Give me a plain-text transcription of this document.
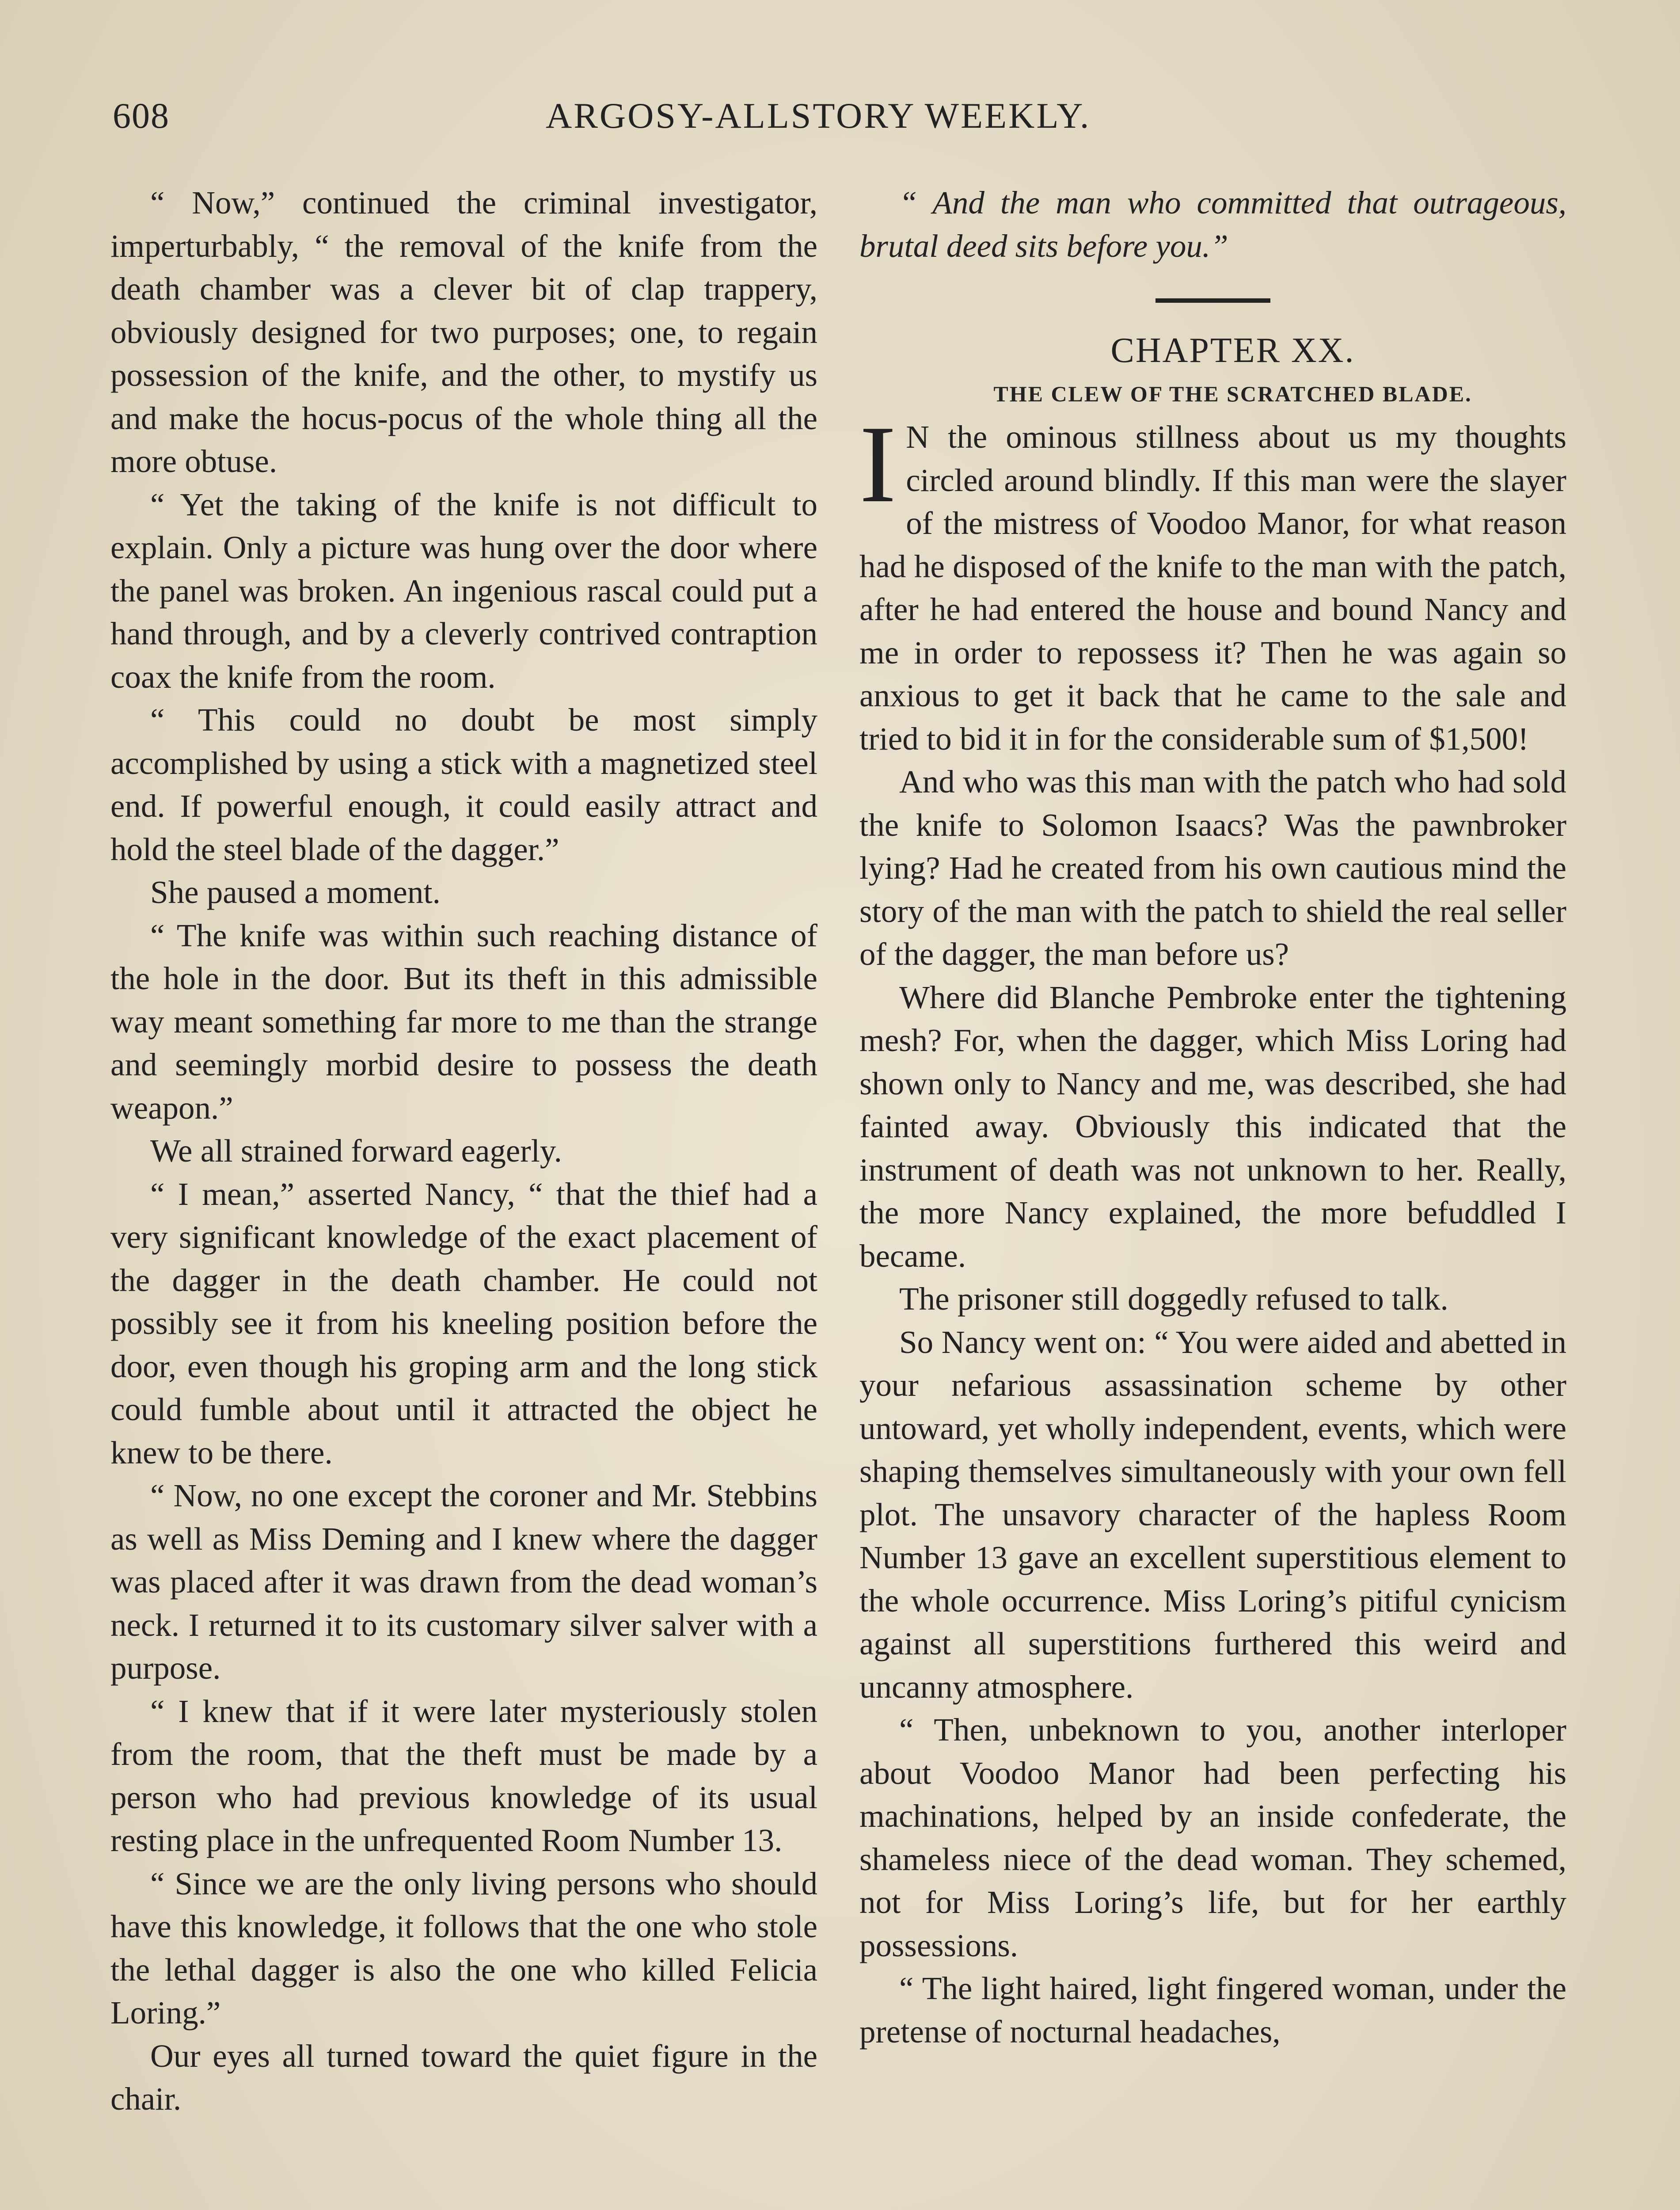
608	ARGOSY-ALLSTORY WEEKLY.

“ Now,” continued the criminal investigator, imperturbably, “ the removal of the knife from the death chamber was a clever bit of clap trappery, obviously designed for two purposes; one, to regain possession of the knife, and the other, to mystify us and make the hocus-pocus of the whole thing all the more obtuse.

“ Yet the taking of the knife is not difficult to explain. Only a picture was hung over the door where the panel was broken. An ingenious rascal could put a hand through, and by a cleverly contrived contraption coax the knife from the room.

“ This could no doubt be most simply accomplished by using a stick with a magnetized steel end. If powerful enough, it could easily attract and hold the steel blade of the dagger.”

She paused a moment.

“ The knife was within such reaching distance of the hole in the door. But its theft in this admissible way meant something far more to me than the strange and seemingly morbid desire to possess the death weapon.”

We all strained forward eagerly.

“ I mean,” asserted Nancy, “ that the thief had a very significant knowledge of the exact placement of the dagger in the death chamber. He could not possibly see it from his kneeling position before the door, even though his groping arm and the long stick could fumble about until it attracted the object he knew to be there.

“ Now, no one except the coroner and Mr. Stebbins as well as Miss Deming and I knew where the dagger was placed after it was drawn from the dead woman’s neck. I returned it to its customary silver salver with a purpose.

“ I knew that if it were later mysteriously stolen from the room, that the theft must be made by a person who had previous knowledge of its usual resting place in the unfrequented Room Number 13.

“ Since we are the only living persons who should have this knowledge, it follows that the one who stole the lethal dagger is also the one who killed Felicia Loring.”

Our eyes all turned toward the quiet figure in the chair.

“ And the man who committed that outrageous, brutal deed sits before you.”

CHAPTER XX.

THE CLEW OF THE SCRATCHED BLADE.

I N the ominous stillness about us my thoughts circled around blindly. If this man were the slayer of the mistress of Voodoo Manor, for what reason had he disposed of the knife to the man with the patch, after he had entered the house and bound Nancy and me in order to repossess it? Then he was again so anxious to get it back that he came to the sale and tried to bid it in for the considerable sum of $1,500!

And who was this man with the patch who had sold the knife to Solomon Isaacs? Was the pawnbroker lying? Had he created from his own cautious mind the story of the man with the patch to shield the real seller of the dagger, the man before us?

Where did Blanche Pembroke enter the tightening mesh? For, when the dagger, which Miss Loring had shown only to Nancy and me, was described, she had fainted away. Obviously this indicated that the instrument of death was not unknown to her. Really, the more Nancy explained, the more befuddled I became.

The prisoner still doggedly refused to talk.

So Nancy went on: “ You were aided and abetted in your nefarious assassination scheme by other untoward, yet wholly independent, events, which were shaping themselves simultaneously with your own fell plot. The unsavory character of the hapless Room Number 13 gave an excellent superstitious element to the whole occurrence. Miss Loring’s pitiful cynicism against all superstitions furthered this weird and uncanny atmosphere.

“ Then, unbeknown to you, another interloper about Voodoo Manor had been perfecting his machinations, helped by an inside confederate, the shameless niece of the dead woman. They schemed, not for Miss Loring’s life, but for her earthly possessions.

“ The light haired, light fingered woman, under the pretense of nocturnal headaches,
